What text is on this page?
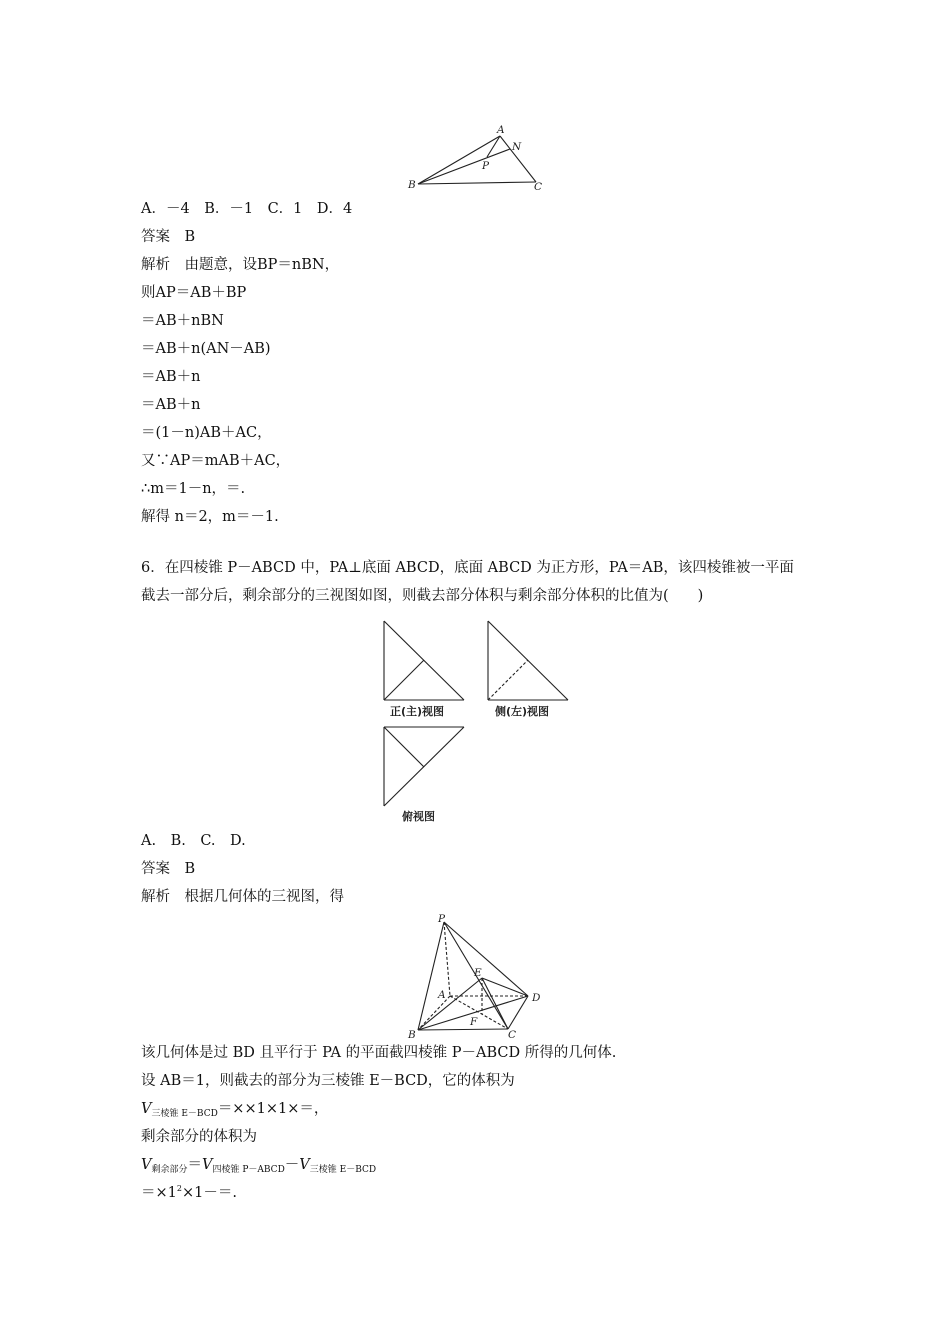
A
N
P
B	C
A．－4　B．－1　C．1　D．4
答案　B
解析　由题意，设BP＝nBN，
则AP＝AB＋BP
＝AB＋nBN
＝AB＋n(AN－AB)
＝AB＋n
＝AB＋n
＝(1－n)AB＋AC，
又∵AP＝mAB＋AC，
∴m＝1－n，＝.
解得 n＝2，m＝－1.
6．在四棱锥 P－ABCD 中，PA⊥底面 ABCD，底面 ABCD 为正方形，PA＝AB，该四棱锥被一平面
截去一部分后，剩余部分的三视图如图，则截去部分体积与剩余部分体积的比值为(　　)
正(主)视图	侧(左)视图
俯视图
A.　B.　C.　D.
答案　B
解析　根据几何体的三视图，得
P
E
A	D
F
B	C
该几何体是过 BD 且平行于 PA 的平面截四棱锥 P－ABCD 所得的几何体.
设 AB＝1，则截去的部分为三棱锥 E－BCD，它的体积为
$V_{三棱锥 E-BCD}=\times\times 1\times 1\times=$，
剩余部分的体积为
$V_{剩余部分}=V_{四棱锥 P-ABCD}-V_{三棱锥 E-BCD}$
$=\times 1^2\times 1-=$.
